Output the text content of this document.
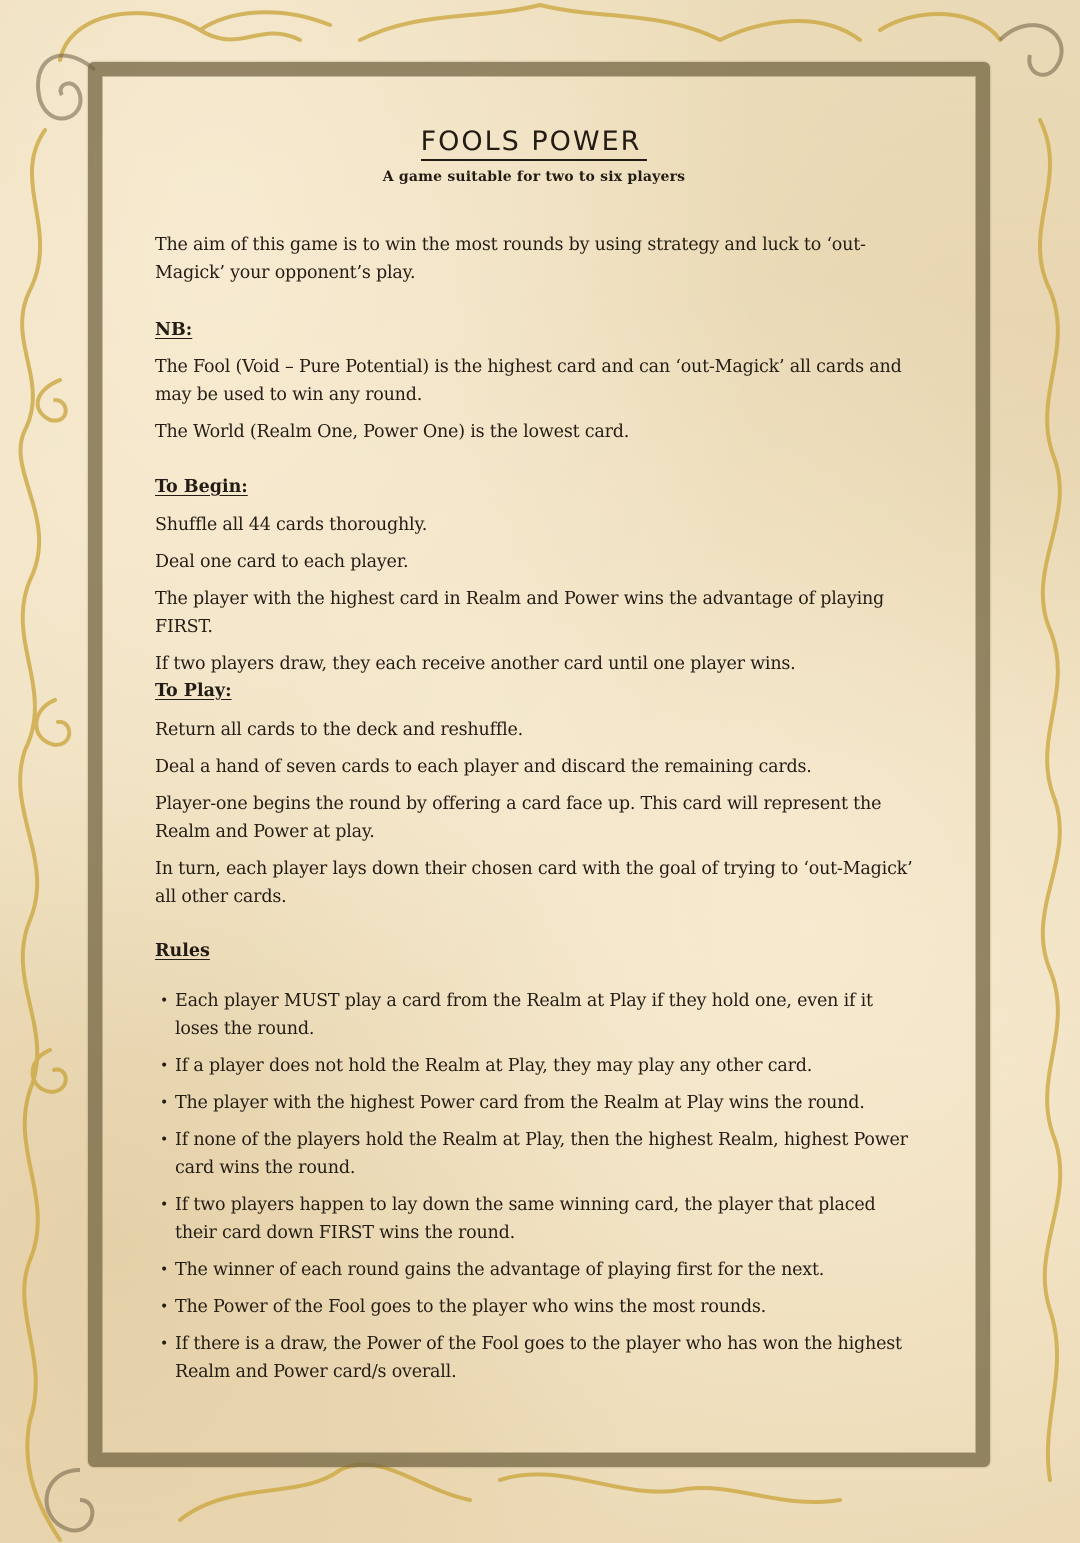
FOOLS POWER
A game suitable for two to six players

The aim of this game is to win the most rounds by using strategy and luck to ‘out-Magick’ your opponent’s play.

NB:

The Fool (Void – Pure Potential) is the highest card and can ‘out-Magick’ all cards and may be used to win any round.

The World (Realm One, Power One) is the lowest card.

To Begin:

Shuffle all 44 cards thoroughly.

Deal one card to each player.

The player with the highest card in Realm and Power wins the advantage of playing FIRST.

If two players draw, they each receive another card until one player wins.

To Play:

Return all cards to the deck and reshuffle.

Deal a hand of seven cards to each player and discard the remaining cards.

Player-one begins the round by offering a card face up. This card will represent the Realm and Power at play.

In turn, each player lays down their chosen card with the goal of trying to ‘out-Magick’ all other cards.

Rules
• Each player MUST play a card from the Realm at Play if they hold one, even if it loses the round.
• If a player does not hold the Realm at Play, they may play any other card.
• The player with the highest Power card from the Realm at Play wins the round.
• If none of the players hold the Realm at Play, then the highest Realm, highest Power card wins the round.
• If two players happen to lay down the same winning card, the player that placed their card down FIRST wins the round.
• The winner of each round gains the advantage of playing first for the next.
• The Power of the Fool goes to the player who wins the most rounds.
• If there is a draw, the Power of the Fool goes to the player who has won the highest Realm and Power card/s overall.
